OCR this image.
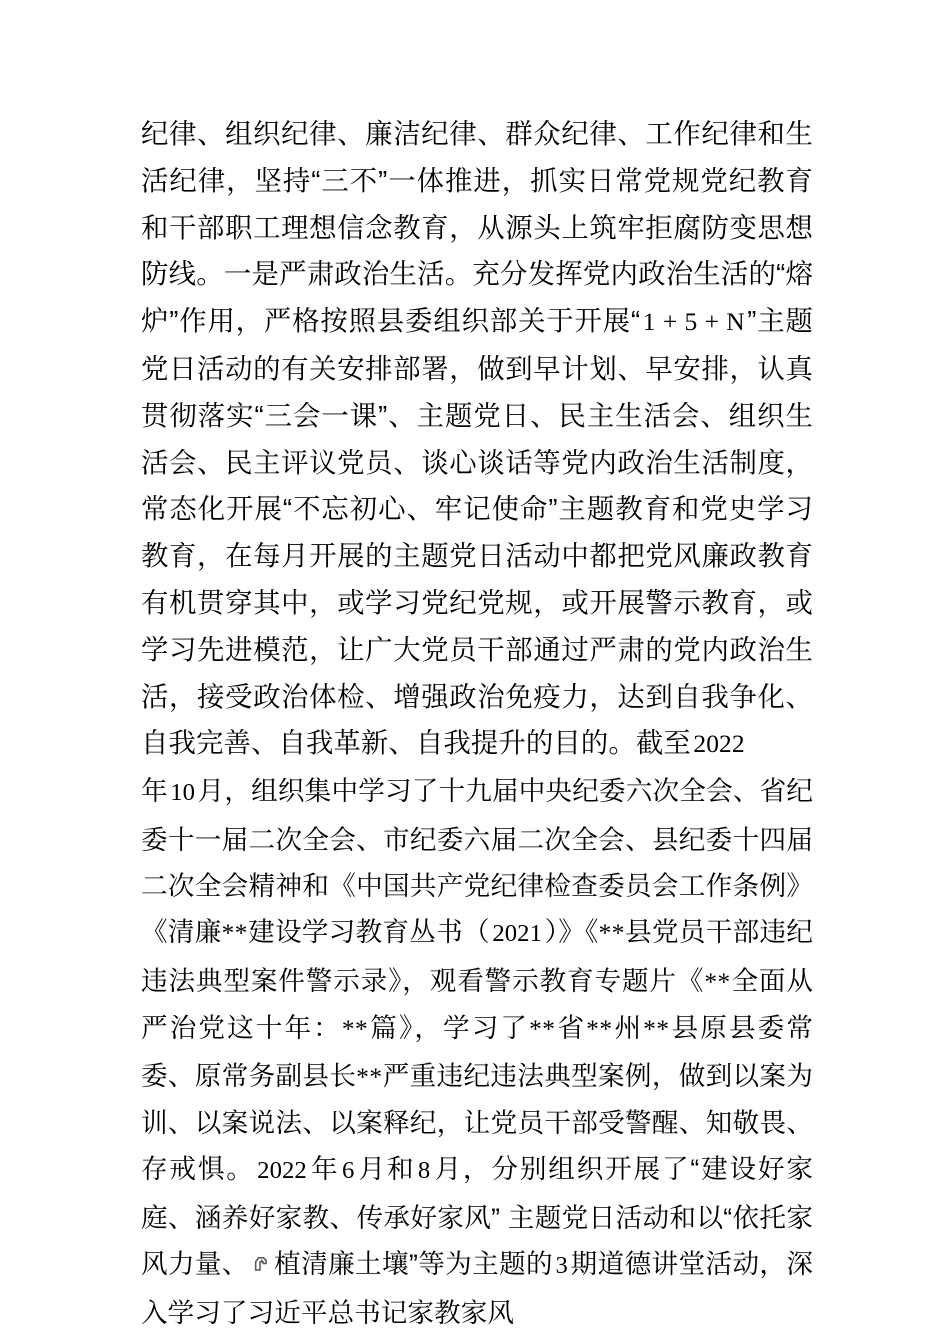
纪律、组织纪律、廉洁纪律、群众纪律、工作纪律和生活纪律，坚持“三不”一体推进，抓实日常党规党纪教育和干部职工理想信念教育，从源头上筑牢拒腐防变思想防线。一是严肃政治生活。充分发挥党内政治生活的“熔炉”作用，严格按照县委组织部关于开展“1 + 5 + N”主题党日活动的有关安排部署，做到早计划、早安排，认真贯彻落实“三会一课”、主题党日、民主生活会、组织生活会、民主评议党员、谈心谈话等党内政治生活制度，常态化开展“不忘初心、牢记使命”主题教育和党史学习教育，在每月开展的主题党日活动中都把党风廉政教育有机贯穿其中，或学习党纪党规，或开展警示教育，或学习先进模范，让广大党员干部通过严肃的党内政治生活，接受政治体检、增强政治免疫力，达到自我争化、自我完善、自我革新、自我提升的目的。截至2022

年10月，组织集中学习了十九届中央纪委六次全会、省纪委十一届二次全会、市纪委六届二次全会、县纪委十四届二次全会精神和《中国共产党纪律检查委员会工作条例》《清廉**建设学习教育丛书（2021）》《**县党员干部违纪违法典型案件警示录》，观看警示教育专题片《**全面从严治党这十年：**篇》，学习了**省**州**县原县委常委、原常务副县长**严重违纪违法典型案例，做到以案为训、以案说法、以案释纪，让党员干部受警醒、知敬畏、存戒惧。2022年6月和8月，分别组织开展了“建设好家庭、涵养好家教、传承好家风” 主题党日活动和以“依托家风力量、 植清廉土壤”等为主题的3期道德讲堂活动，深入学习了习近平总书记家教家风
